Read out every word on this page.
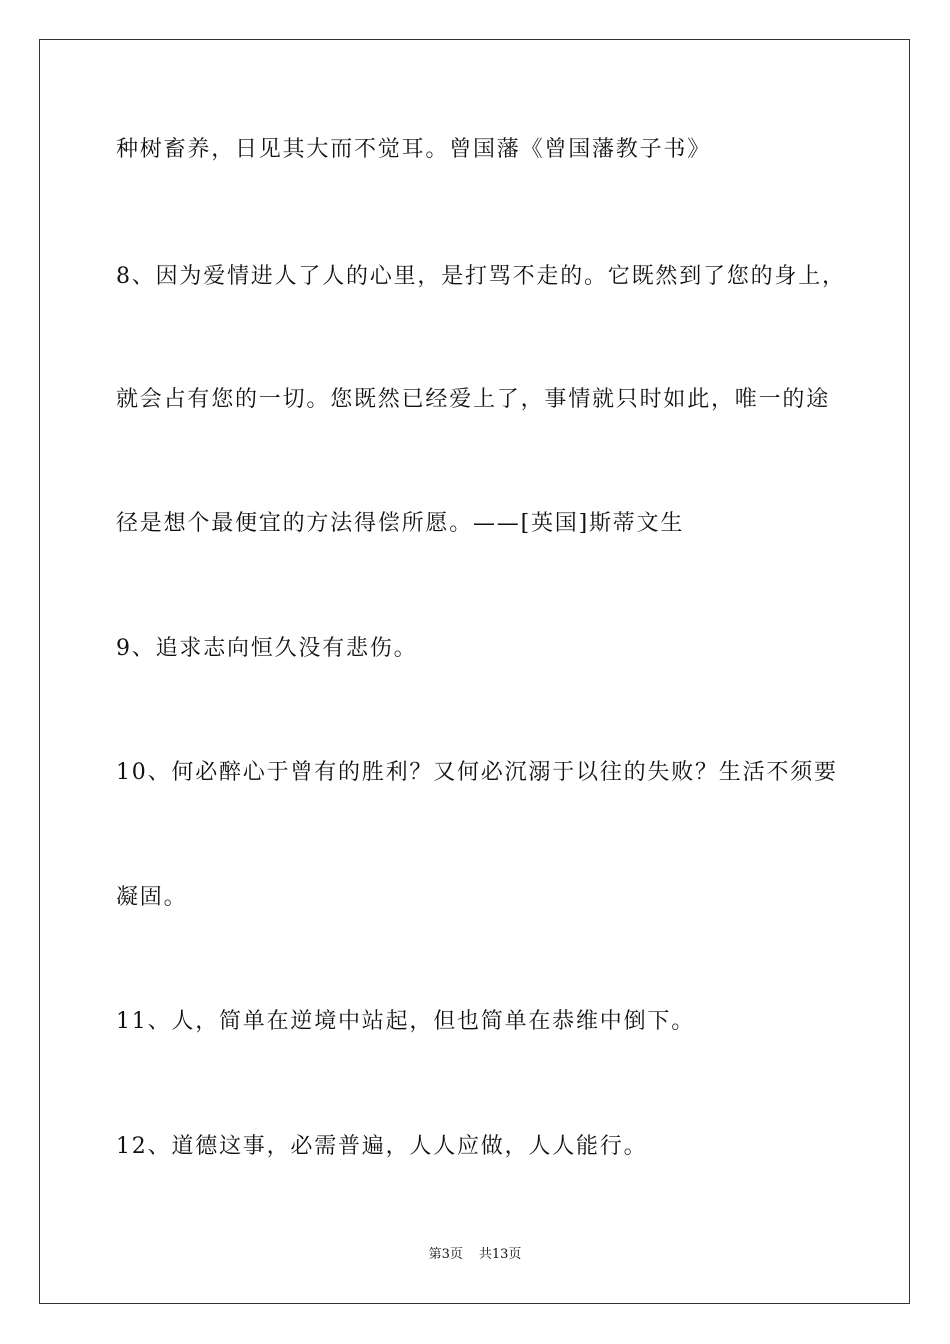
种树畜养，日见其大而不觉耳。曾国藩《曾国藩教子书》
8、因为爱情进人了人的心里，是打骂不走的。它既然到了您的身上，
就会占有您的一切。您既然已经爱上了，事情就只时如此，唯一的途
径是想个最便宜的方法得偿所愿。——[英国]斯蒂文生
9、追求志向恒久没有悲伤。
10、何必醉心于曾有的胜利？又何必沉溺于以往的失败？生活不须要
凝固。
11、人，简单在逆境中站起，但也简单在恭维中倒下。
12、道德这事，必需普遍，人人应做，人人能行。
第3页 共13页
